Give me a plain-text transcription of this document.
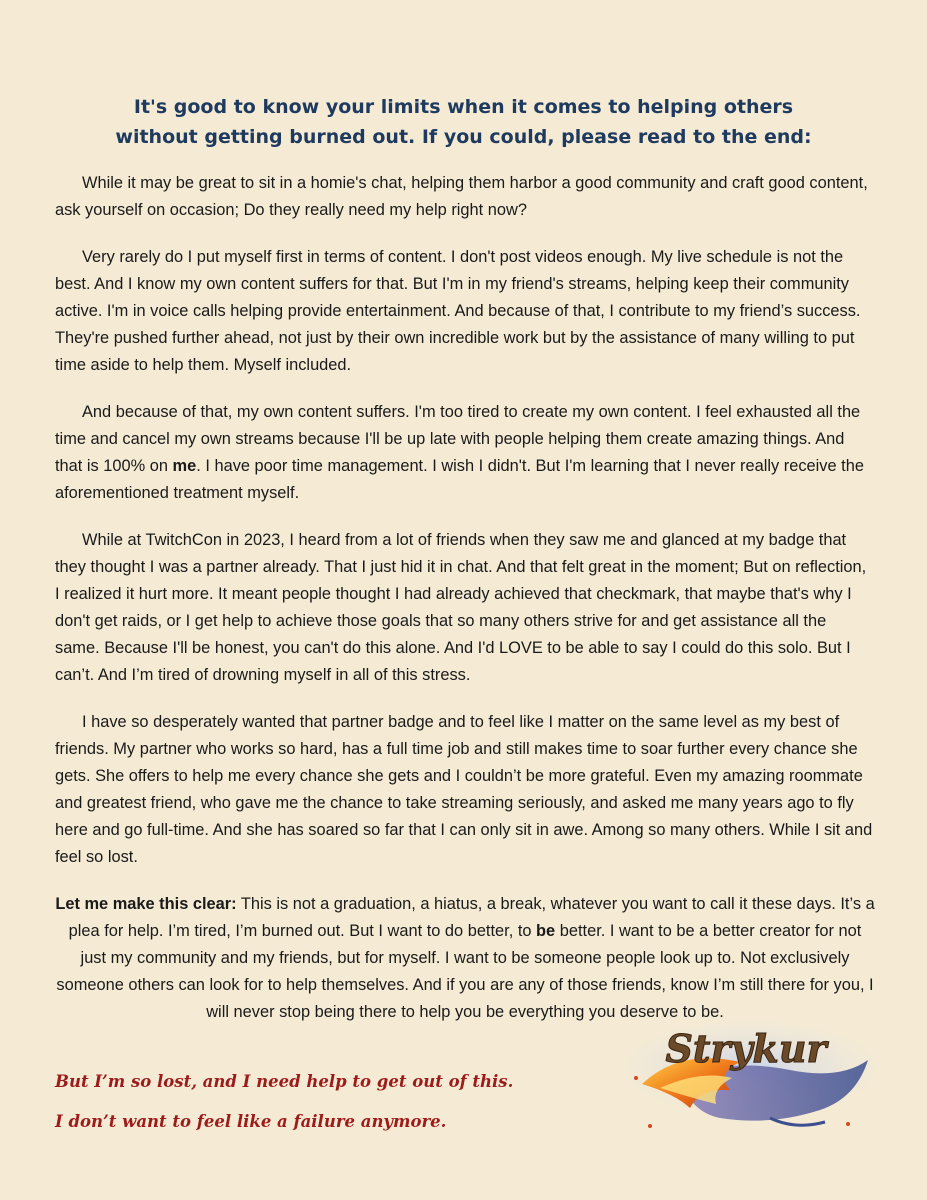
It's good to know your limits when it comes to helping others without getting burned out. If you could, please read to the end:

While it may be great to sit in a homie's chat, helping them harbor a good community and craft good content, ask yourself on occasion; Do they really need my help right now?

Very rarely do I put myself first in terms of content. I don't post videos enough. My live schedule is not the best. And I know my own content suffers for that. But I'm in my friend's streams, helping keep their community active. I'm in voice calls helping provide entertainment. And because of that, I contribute to my friend’s success. They're pushed further ahead, not just by their own incredible work but by the assistance of many willing to put time aside to help them. Myself included.

And because of that, my own content suffers. I'm too tired to create my own content. I feel exhausted all the time and cancel my own streams because I'll be up late with people helping them create amazing things. And that is 100% on me. I have poor time management. I wish I didn't. But I'm learning that I never really receive the aforementioned treatment myself.

While at TwitchCon in 2023, I heard from a lot of friends when they saw me and glanced at my badge that they thought I was a partner already. That I just hid it in chat. And that felt great in the moment; But on reflection, I realized it hurt more. It meant people thought I had already achieved that checkmark, that maybe that's why I don't get raids, or I get help to achieve those goals that so many others strive for and get assistance all the same. Because I'll be honest, you can't do this alone. And I'd LOVE to be able to say I could do this solo. But I can’t. And I’m tired of drowning myself in all of this stress.

I have so desperately wanted that partner badge and to feel like I matter on the same level as my best of friends. My partner who works so hard, has a full time job and still makes time to soar further every chance she gets. She offers to help me every chance she gets and I couldn’t be more grateful. Even my amazing roommate and greatest friend, who gave me the chance to take streaming seriously, and asked me many years ago to fly here and go full-time. And she has soared so far that I can only sit in awe. Among so many others. While I sit and feel so lost.

Let me make this clear: This is not a graduation, a hiatus, a break, whatever you want to call it these days. It’s a plea for help. I’m tired, I’m burned out. But I want to do better, to be better. I want to be a better creator for not just my community and my friends, but for myself. I want to be someone people look up to. Not exclusively someone others can look for to help themselves. And if you are any of those friends, know I’m still there for you, I will never stop being there to help you be everything you deserve to be.

But I’m so lost, and I need help to get out of this.
I don’t want to feel like a failure anymore.
Strykur
